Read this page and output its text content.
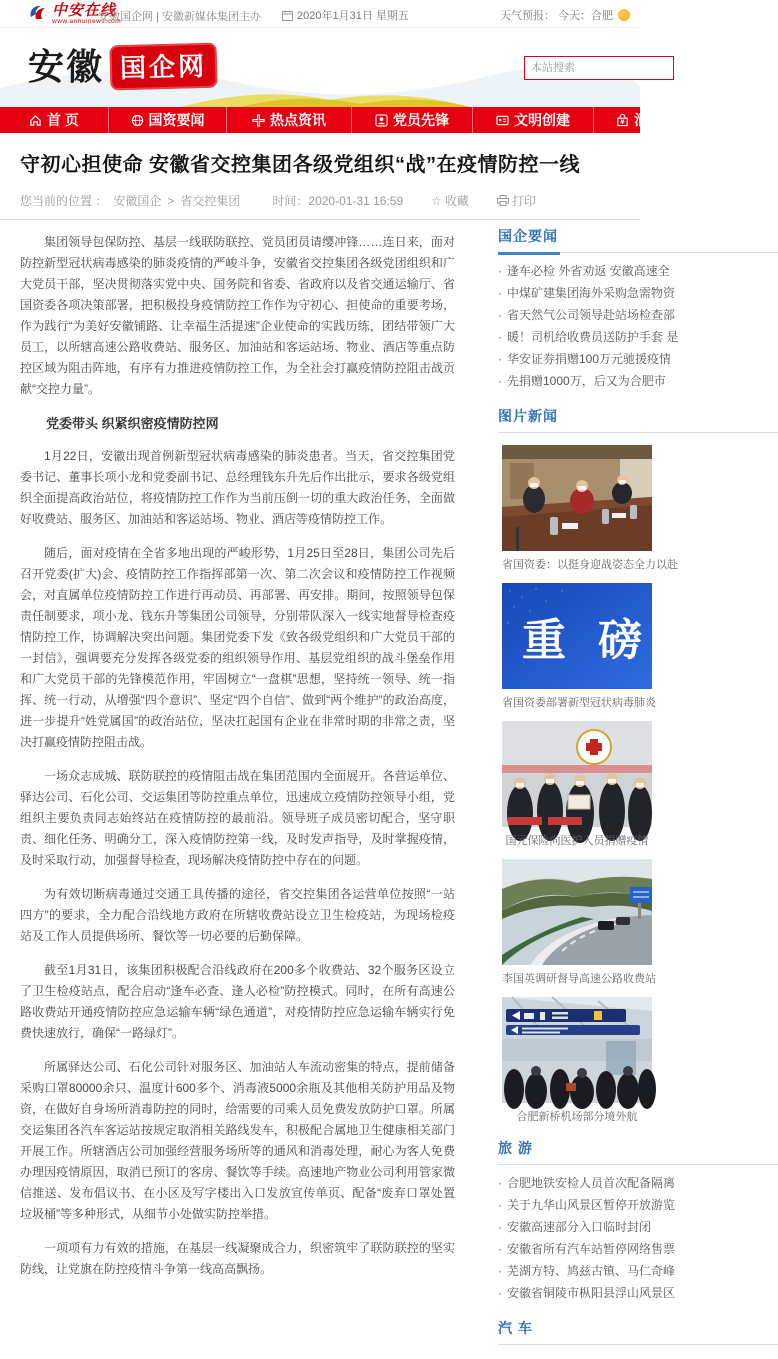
中安在线
www.anhuinews.com
安徽国企网 | 安徽新媒体集团主办	2020年1月31日 星期五	天气预报： 今天：合肥
安徽 国企网
本站搜索
首 页	国资要闻	热点资讯	党员先锋	文明创建	¥ 消费
守初心担使命 安徽省交控集团各级党组织“战”在疫情防控一线
您当前的位置 ： 安徽国企 > 省交控集团	时间：2020-01-31 16:59 ☆ 收藏	打印

集团领导包保防控、基层一线联防联控、党员团员请缨冲锋……连日来，面对防控新型冠状病毒感染的肺炎疫情的严峻斗争，安徽省交控集团各级党团组织和广大党员干部，坚决贯彻落实党中央、国务院和省委、省政府以及省交通运输厅、省国资委各项决策部署，把积极投身疫情防控工作作为守初心、担使命的重要考场，作为践行“为美好安徽铺路、让幸福生活提速”企业使命的实践历练，团结带领广大员工，以所辖高速公路收费站、服务区、加油站和客运站场、物业、酒店等重点防控区域为阻击阵地，有序有力推进疫情防控工作，为全社会打赢疫情防控阻击战贡献“交控力量”。

党委带头 织紧织密疫情防控网

1月22日，安徽出现首例新型冠状病毒感染的肺炎患者。当天，省交控集团党委书记、董事长项小龙和党委副书记、总经理钱东升先后作出批示，要求各级党组织全面提高政治站位，将疫情防控工作作为当前压倒一切的重大政治任务，全面做好收费站、服务区、加油站和客运站场、物业、酒店等疫情防控工作。

随后，面对疫情在全省多地出现的严峻形势，1月25日至28日，集团公司先后召开党委(扩大)会、疫情防控工作指挥部第一次、第二次会议和疫情防控工作视频会，对直属单位疫情防控工作进行再动员、再部署、再安排。期间，按照领导包保责任制要求，项小龙、钱东升等集团公司领导，分别带队深入一线实地督导检查疫情防控工作，协调解决突出问题。集团党委下发《致各级党组织和广大党员干部的一封信》，强调要充分发挥各级党委的组织领导作用、基层党组织的战斗堡垒作用和广大党员干部的先锋模范作用，牢固树立“一盘棋”思想，坚持统一领导、统一指挥、统一行动，从增强“四个意识”、坚定“四个自信”、做到“两个维护”的政治高度，进一步提升“姓党属国”的政治站位，坚决扛起国有企业在非常时期的非常之责，坚决打赢疫情防控阻击战。

一场众志成城、联防联控的疫情阻击战在集团范围内全面展开。各营运单位、驿达公司、石化公司、交运集团等防控重点单位，迅速成立疫情防控领导小组，党组织主要负责同志始终站在疫情防控的最前沿。领导班子成员密切配合，坚守职责、细化任务、明确分工，深入疫情防控第一线，及时发声指导，及时掌握疫情，及时采取行动，加强督导检查，现场解决疫情防控中存在的问题。

为有效切断病毒通过交通工具传播的途径，省交控集团各运营单位按照“一站四方”的要求，全力配合沿线地方政府在所辖收费站设立卫生检疫站，为现场检疫站及工作人员提供场所、餐饮等一切必要的后勤保障。

截至1月31日，该集团积极配合沿线政府在200多个收费站、32个服务区设立了卫生检疫站点，配合启动“逢车必查、逢人必检”防控模式。同时，在所有高速公路收费站开通疫情防控应急运输车辆“绿色通道”，对疫情防控应急运输车辆实行免费快速放行，确保“一路绿灯”。

所属驿达公司、石化公司针对服务区、加油站人车流动密集的特点，提前储备采购口罩80000余只、温度计600多个、消毒液5000余瓶及其他相关防护用品及物资，在做好自身场所消毒防控的同时，给需要的司乘人员免费发放防护口罩。所属交运集团各汽车客运站按规定取消相关路线发车，积极配合属地卫生健康相关部门开展工作。所辖酒店公司加强经营服务场所等的通风和消毒处理，耐心为客人免费办理因疫情原因，取消已预订的客房、餐饮等手续。高速地产物业公司利用管家微信推送、发布倡议书、在小区及写字楼出入口发放宣传单页、配备“废弃口罩处置垃圾桶”等多种形式，从细节小处做实防控举措。

一项项有力有效的措施，在基层一线凝聚成合力，织密筑牢了联防联控的坚实防线，让党旗在防控疫情斗争第一线高高飘扬。

国企要闻
· 逢车必检 外省劝返 安徽高速全
· 中煤矿建集团海外采购急需物资
· 省天然气公司领导赴站场检查部
· 暖！司机给收费员送防护手套 是
· 华安证券捐赠100万元驰援疫情
· 先捐赠1000万，后又为合肥市
图片新闻
省国资委：以挺身迎战姿态全力以赴
重 磅
省国资委部署新型冠状病毒肺炎
国元保险向医护人员捐赠疫情
李国英调研督导高速公路收费站
合肥新桥机场部分境外航
旅 游
· 合肥地铁安检人员首次配备隔离
· 关于九华山风景区暂停开放游览
· 安徽高速部分入口临时封闭
· 安徽省所有汽车站暂停网络售票
· 芜湖方特、鸠兹古镇、马仁奇峰
· 安徽省铜陵市枞阳县浮山风景区
汽 车
